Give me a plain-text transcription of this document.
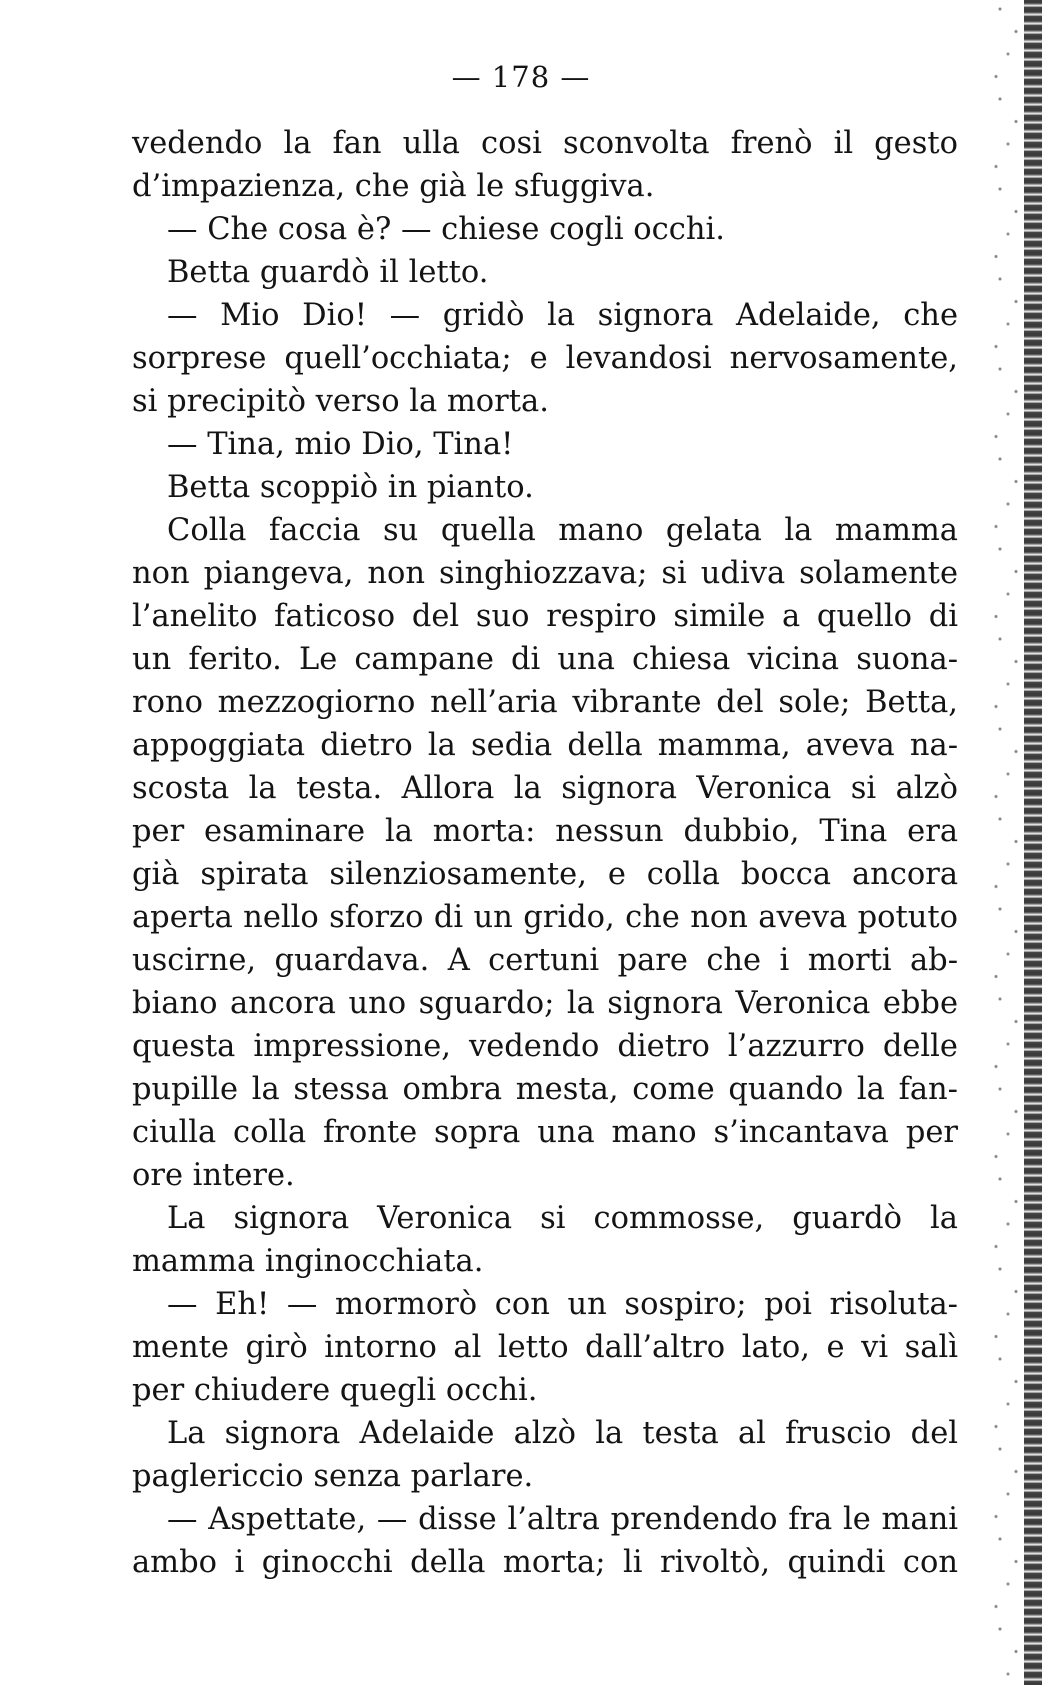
— 178 —
vedendo la fan ulla cosi sconvolta frenò il gesto
d’impazienza, che già le sfuggiva.
— Che cosa è? — chiese cogli occhi.
Betta guardò il letto.
— Mio Dio! — gridò la signora Adelaide, che
sorprese quell’occhiata; e levandosi nervosamente,
si precipitò verso la morta.
— Tina, mio Dio, Tina!
Betta scoppiò in pianto.
Colla faccia su quella mano gelata la mamma
non piangeva, non singhiozzava; si udiva solamente
l’anelito faticoso del suo respiro simile a quello di
un ferito. Le campane di una chiesa vicina suona-
rono mezzogiorno nell’aria vibrante del sole; Betta,
appoggiata dietro la sedia della mamma, aveva na-
scosta la testa. Allora la signora Veronica si alzò
per esaminare la morta: nessun dubbio, Tina era
già spirata silenziosamente, e colla bocca ancora
aperta nello sforzo di un grido, che non aveva potuto
uscirne, guardava. A certuni pare che i morti ab-
biano ancora uno sguardo; la signora Veronica ebbe
questa impressione, vedendo dietro l’azzurro delle
pupille la stessa ombra mesta, come quando la fan-
ciulla colla fronte sopra una mano s’incantava per
ore intere.
La signora Veronica si commosse, guardò la
mamma inginocchiata.
— Eh! — mormorò con un sospiro; poi risoluta-
mente girò intorno al letto dall’altro lato, e vi salì
per chiudere quegli occhi.
La signora Adelaide alzò la testa al fruscio del
paglericcio senza parlare.
— Aspettate, — disse l’altra prendendo fra le mani
ambo i ginocchi della morta; li rivoltò, quindi con
